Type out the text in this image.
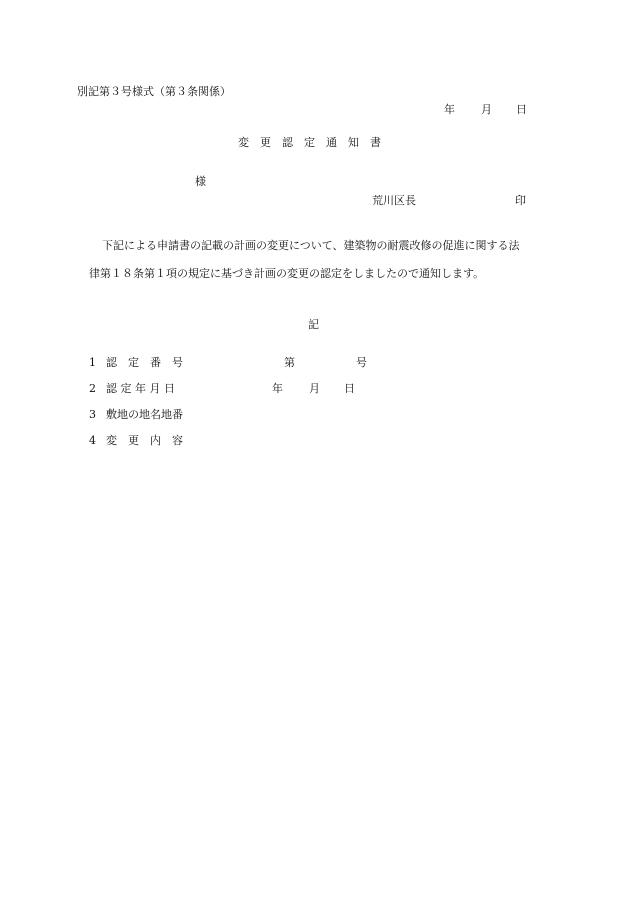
別記第３号様式（第３条関係）
年 月 日
変　更　認　定　通　知　書
様
荒川区長	印
下記による申請書の記載の計画の変更について、建築物の耐震改修の促進に関する法
律第１８条第１項の規定に基づき計画の変更の認定をしましたので通知します。
記
1 認　定　番　号	第	号
2 認 定 年 月 日	年 月 日
3 敷地の地名地番
4 変　更　内　容
